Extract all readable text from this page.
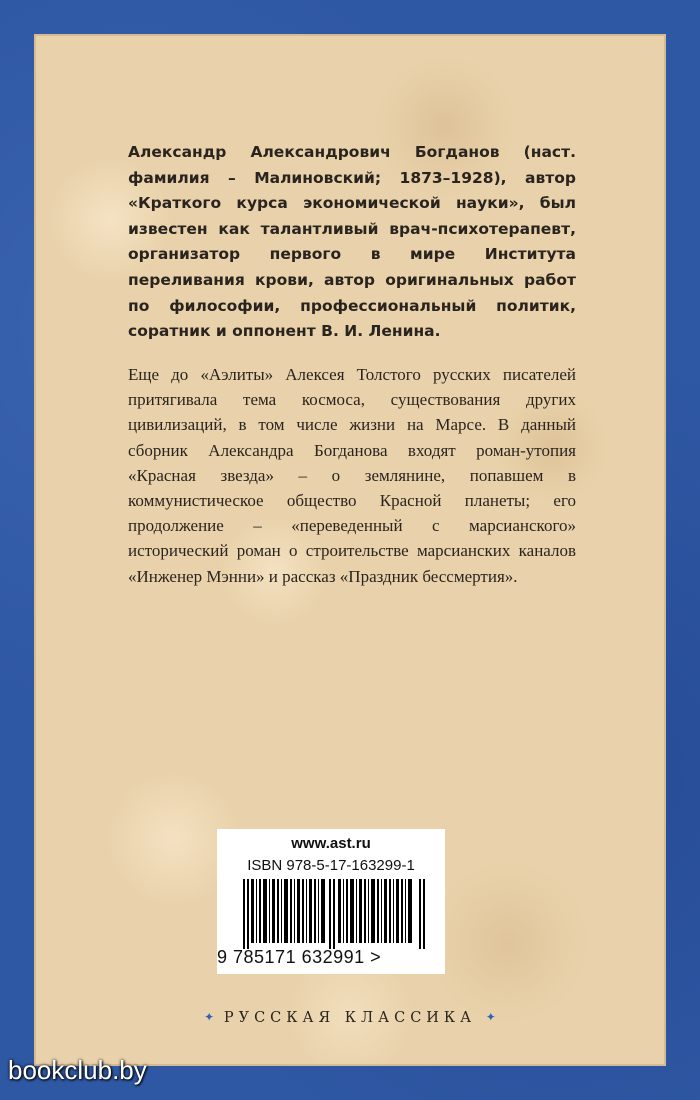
Александр Александрович Богданов (наст. фамилия – Малиновский; 1873–1928), автор «Краткого курса экономической науки», был известен как талантливый врач-психотерапевт, организатор первого в мире Института переливания крови, автор оригинальных работ по философии, профессиональный политик, соратник и оппонент В. И. Ленина.

Еще до «Аэлиты» Алексея Толстого русских писателей притягивала тема космоса, существования других цивилизаций, в том числе жизни на Марсе. В данный сборник Александра Богданова входят роман-утопия «Красная звезда» – о землянине, попавшем в коммунистическое общество Красной планеты; его продолжение – «переведенный с марсианского» исторический роман о строительстве марсианских каналов «Инженер Мэнни» и рассказ «Праздник бессмертия».

www.ast.ru
ISBN 978-5-17-163299-1
9 785171 632991 >
✦ РУССКАЯ КЛАССИКА ✦
bookclub.by
